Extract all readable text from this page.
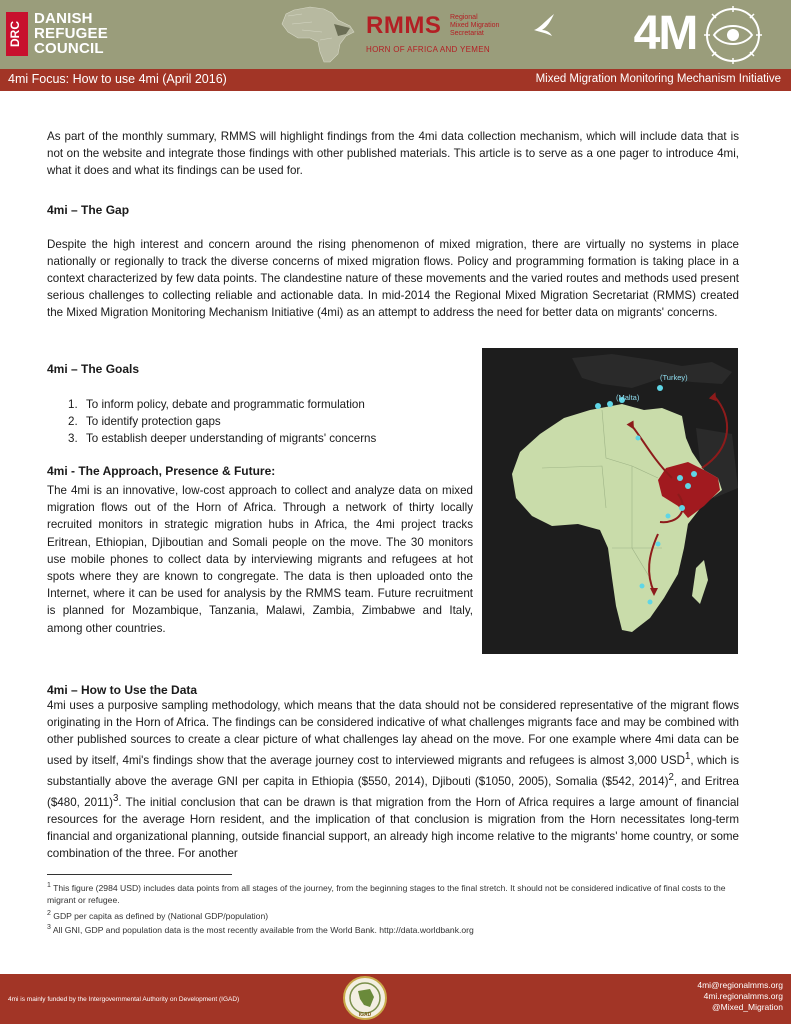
DRC
DANISH
REFUGEE
COUNCIL
RMMS Regional
Mixed Migration
Secretariat
HORN OF AFRICA AND YEMEN	4M
4mi Focus: How to use 4mi (April 2016)	Mixed Migration Monitoring Mechanism Initiative

As part of the monthly summary, RMMS will highlight findings from the 4mi data collection mechanism, which will include data that is not on the website and integrate those findings with other published materials. This article is to serve as a one pager to introduce 4mi, what it does and what its findings can be used for.

4mi – The Gap

Despite the high interest and concern around the rising phenomenon of mixed migration, there are virtually no systems in place nationally or regionally to track the diverse concerns of mixed migration flows. Policy and programming formation is taking place in a context characterized by few data points. The clandestine nature of these movements and the varied routes and methods used present serious challenges to collecting reliable and actionable data. In mid-2014 the Regional Mixed Migration Secretariat (RMMS) created the Mixed Migration Monitoring Mechanism Initiative (4mi) as an attempt to address the need for better data on migrants' concerns.

4mi – The Goals
1. To inform policy, debate and programmatic formulation
2. To identify protection gaps
3. To establish deeper understanding of migrants' concerns
4mi - The Approach, Presence & Future:

The 4mi is an innovative, low-cost approach to collect and analyze data on mixed migration flows out of the Horn of Africa. Through a network of thirty locally recruited monitors in strategic migration hubs in Africa, the 4mi project tracks Eritrean, Ethiopian, Djiboutian and Somali people on the move. The 30 monitors use mobile phones to collect data by interviewing migrants and refugees at hot spots where they are known to congregate. The data is then uploaded onto the Internet, where it can be used for analysis by the RMMS team. Future recruitment is planned for Mozambique, Tanzania, Malawi, Zambia, Zimbabwe and Italy, among other countries.

(Turkey)
(Malta)
4mi – How to Use the Data

4mi uses a purposive sampling methodology, which means that the data should not be considered representative of the migrant flows originating in the Horn of Africa. The findings can be considered indicative of what challenges migrants face and may be combined with other published sources to create a clear picture of what challenges lay ahead on the move. For one example where 4mi data can be used by itself, 4mi's findings show that the average journey cost to interviewed migrants and refugees is almost 3,000 USD$^1$, which is substantially above the average GNI per capita in Ethiopia ($550, 2014), Djibouti ($1050, 2005), Somalia ($542, 2014)$^2$, and Eritrea ($480, 2011)$^3$. The initial conclusion that can be drawn is that migration from the Horn of Africa requires a large amount of financial resources for the average Horn resident, and the implication of that conclusion is migration from the Horn necessitates long-term financial and organizational planning, outside financial support, an already high income relative to the migrants' home country, or some combination of the three. For another

$^1$ This figure (2984 USD) includes data points from all stages of the journey, from the beginning stages to the final stretch. It should not be considered indicative of final costs to the migrant or refugee.
$^2$ GDP per capita as defined by (National GDP/population)
$^3$ All GNI, GDP and population data is the most recently available from the World Bank. http://data.worldbank.org
4mi is mainly funded by the Intergovernmental Authority on Development (IGAD)
IGAD
4mi@regionalmms.org
4mi.regionalmms.org
@Mixed_Migration
